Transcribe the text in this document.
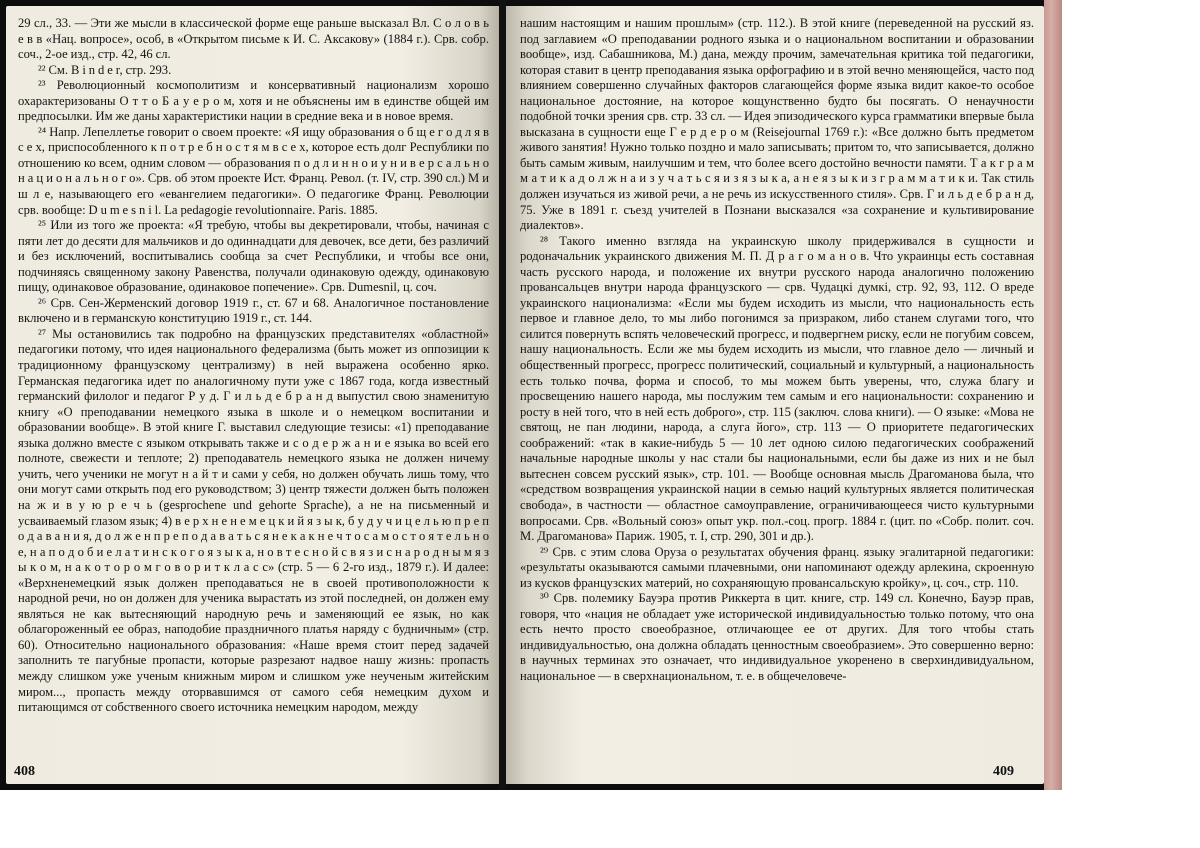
29 сл., 33. — Эти же мысли в классической форме еще раньше высказал Вл. С о л о в ь е в в «Нац. вопросе», особ, в «Открытом письме к И. С. Аксакову» (1884 г.). Срв. собр. соч., 2-ое изд., стр. 42, 46 сл.

²² См. B i n d e r, стр. 293.

²³ Революционный космополитизм и консервативный национализм хорошо охарактеризованы О т т о Б а у е р о м, хотя и не объяснены им в единстве общей им предпосылки. Им же даны характеристики нации в средние века и в новое время.

²⁴ Напр. Лепеллетье говорит о своем проекте: «Я ищу образования о б щ е г о д л я в с е х, приспособленного к п о т р е б н о с т я м в с е х, которое есть долг Республики по отношению ко всем, одним словом — образования п о д л и н н о и у н и в е р с а л ь н о н а ц и о н а л ь н о г о». Срв. об этом проекте Ист. Франц. Револ. (т. IV, стр. 390 сл.) М и ш л е, называющего его «евангелием педагогики». О педагогике Франц. Революции срв. вообще: D u m e s n i l. La pedagogie revolutionnaire. Paris. 1885.

²⁵ Или из того же проекта: «Я требую, чтобы вы декретировали, чтобы, начиная с пяти лет до десяти для мальчиков и до одиннадцати для девочек, все дети, без различий и без исключений, воспитывались сообща за счет Республики, и чтобы все они, подчиняясь священному закону Равенства, получали одинаковую одежду, одинаковую пищу, одинаковое образование, одинаковое попечение». Срв. Dumesnil, ц. соч.

²⁶ Срв. Сен-Жерменский договор 1919 г., ст. 67 и 68. Аналогичное постановление включено и в германскую конституцию 1919 г., ст. 144.

²⁷ Мы остановились так подробно на французских представителях «областной» педагогики потому, что идея национального федерализма (быть может из оппозиции к традиционному французскому централизму) в ней выражена особенно ярко. Германская педагогика идет по аналогичному пути уже с 1867 года, когда известный германский филолог и педагог Р у д. Г и л ь д е б р а н д выпустил свою знаменитую книгу «О преподавании немецкого языка в школе и о немецком воспитании и образовании вообще». В этой книге Г. выставил следующие тезисы: «1) преподавание языка должно вместе с языком открывать также и с о д е р ж а н и е языка во всей его полноте, свежести и теплоте; 2) преподаватель немецкого языка не должен ничему учить, чего ученики не могут н а й т и сами у себя, но должен обучать лишь тому, что они могут сами открыть под его руководством; 3) центр тяжести должен быть положен на ж и в у ю р е ч ь (gesprochene und gehorte Sprache), а не на письменный и усваиваемый глазом язык; 4) в е р х н е н е м е ц к и й я з ы к, б у д у ч и ц е л ь ю п р е п о д а в а н и я, д о л ж е н п р е п о д а в а т ь с я н е к а к н е ч т о с а м о с т о я т е л ь н о е, н а п о д о б и е л а т и н с к о г о я з ы к а, н о в т е с н о й с в я з и с н а р о д н ы м я з ы к о м, н а к о т о р о м г о в о р и т к л а с с» (стр. 5 — 6 2-го изд., 1879 г.). И далее: «Верхненемецкий язык должен преподаваться не в своей противоположности к народной речи, но он должен для ученика вырастать из этой последней, он должен ему являться не как вытесняющий народную речь и заменяющий ее язык, но как облагороженный ее образ, наподобие праздничного платья наряду с будничным» (стр. 60). Относительно национального образования: «Наше время стоит перед задачей заполнить те пагубные пропасти, которые разрезают надвое нашу жизнь: пропасть между слишком уже ученым книжным миром и слишком уже неученым житейским миром..., пропасть между оторвавшимся от самого себя немецким духом и питающимся от собственного своего источника немецким народом, между

408

нашим настоящим и нашим прошлым» (стр. 112.). В этой книге (переведенной на русский яз. под заглавием «О преподавании родного языка и о национальном воспитании и образовании вообще», изд. Сабашникова, М.) дана, между прочим, замечательная критика той педагогики, которая ставит в центр преподавания языка орфографию и в этой вечно меняющейся, часто под влиянием совершенно случайных факторов слагающейся форме языка видит какое-то особое национальное достояние, на которое кощунственно будто бы посягать. О ненаучности подобной точки зрения срв. стр. 33 сл. — Идея эпизодического курса грамматики впервые была высказана в сущности еще Г е р д е р о м (Reisejournal 1769 г.): «Все должно быть предметом живого занятия! Нужно только поздно и мало записывать; притом то, что записывается, должно быть самым живым, наилучшим и тем, что более всего достойно вечности памяти. Т а к г р а м м а т и к а д о л ж н а и з у ч а т ь с я и з я з ы к а, а н е я з ы к и з г р а м м а т и к и. Так стиль должен изучаться из живой речи, а не речь из искусственного стиля». Срв. Г и л ь д е б р а н д, 75. Уже в 1891 г. съезд учителей в Познани высказался «за сохранение и культивирование диалектов».

²⁸ Такого именно взгляда на украинскую школу придерживался в сущности и родоначальник украинского движения М. П. Д р а г о м а н о в. Что украинцы есть составная часть русского народа, и положение их внутри русского народа аналогично положению провансальцев внутри народа французского — срв. Чудацкі думкі, стр. 92, 93, 112. О вреде украинского национализма: «Если мы будем исходить из мысли, что национальность есть первое и главное дело, то мы либо погонимся за призраком, либо станем слугами того, что силится повернуть вспять человеческий прогресс, и подвергнем риску, если не погубим совсем, нашу национальность. Если же мы будем исходить из мысли, что главное дело — личный и общественный прогресс, прогресс политический, социальный и культурный, а национальность есть только почва, форма и способ, то мы можем быть уверены, что, служа благу и просвещению нашего народа, мы послужим тем самым и его национальности: сохранению и росту в ней того, что в ней есть доброго», стр. 115 (заключ. слова книги). — О языке: «Мова не святощ, не пан людини, народа, а слуга його», стр. 113 — О приоритете педагогических соображений: «так в какие-нибудь 5 — 10 лет одною силою педагогических соображений начальные народные школы у нас стали бы национальными, если бы даже из них и не был вытеснен совсем русский язык», стр. 101. — Вообще основная мысль Драгоманова была, что «средством возвращения украинской нации в семью наций культурных является политическая свобода», в частности — областное самоуправление, ограничивающееся чисто культурными вопросами. Срв. «Вольный союз» опыт укр. пол.-соц. прогр. 1884 г. (цит. по «Собр. полит. соч. М. Драгоманова» Париж. 1905, т. I, стр. 290, 301 и др.).

²⁹ Срв. с этим слова Оруза о результатах обучения франц. языку эгалитарной педагогики: «результаты оказываются самыми плачевными, они напоминают одежду арлекина, скроенную из кусков французских материй, но сохраняющую провансальскую кройку», ц. соч., стр. 110.

³⁰ Срв. полемику Бауэра против Риккерта в цит. книге, стр. 149 сл. Конечно, Бауэр прав, говоря, что «нация не обладает уже исторической индивидуальностью только потому, что она есть нечто просто своеобразное, отличающее ее от других. Для того чтобы стать индивидуальностью, она должна обладать ценностным своеобразием». Это совершенно верно: в научных терминах это означает, что индивидуальное укоренено в сверхиндивидуальном, национальное — в сверхнациональном, т. е. в общечеловече-

409
